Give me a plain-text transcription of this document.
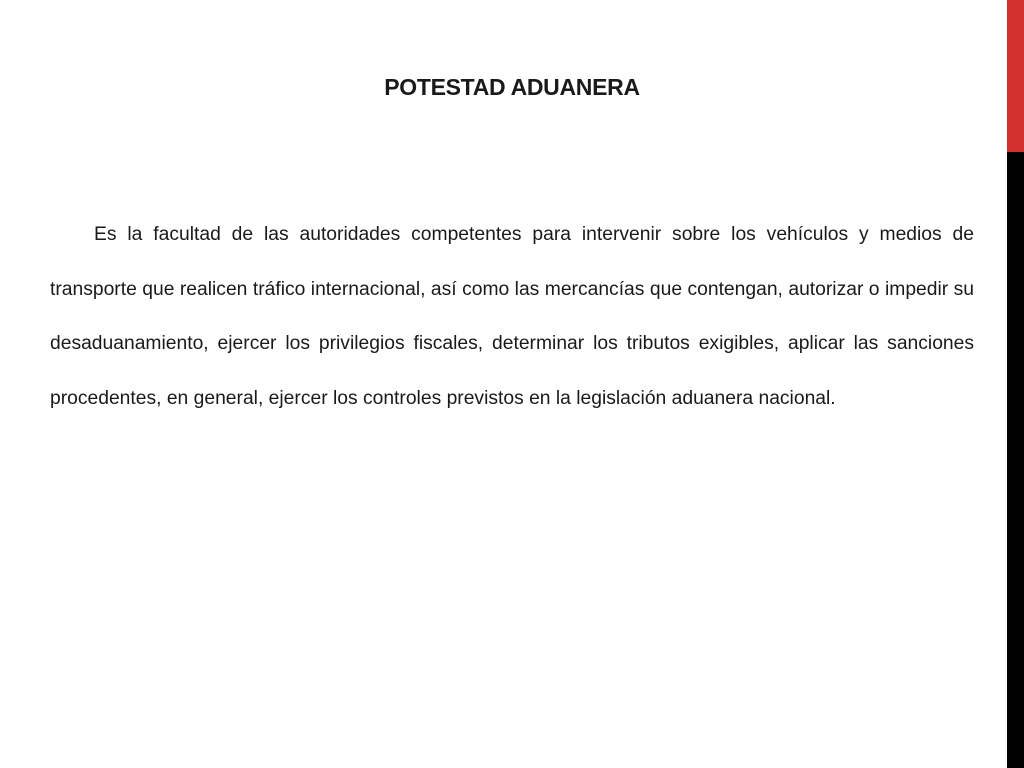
POTESTAD ADUANERA

Es la facultad de las autoridades competentes para intervenir sobre los vehículos y medios de transporte que realicen tráfico internacional, así como las mercancías que contengan, autorizar o impedir su desaduanamiento, ejercer los privilegios fiscales, determinar los tributos exigibles, aplicar las sanciones procedentes, en general, ejercer los controles previstos en la legislación aduanera nacional.
